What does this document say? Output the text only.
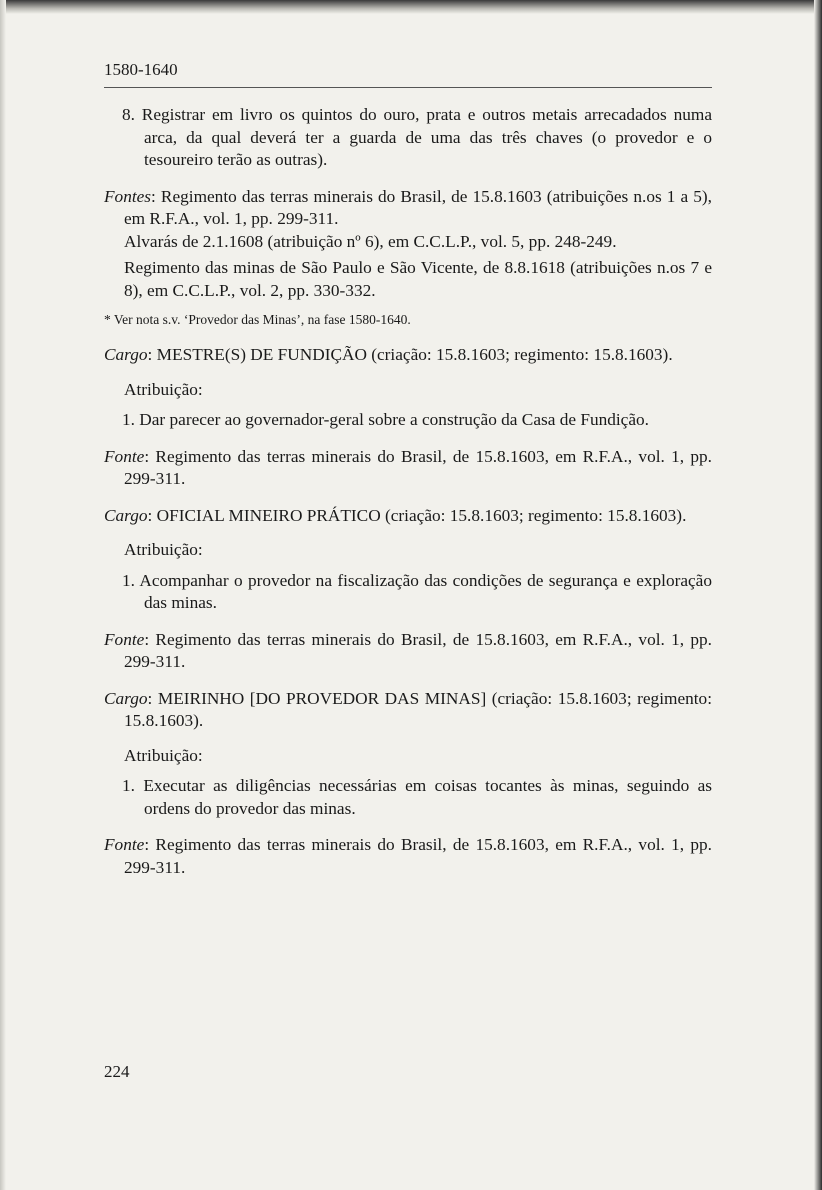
1580-1640

8. Registrar em livro os quintos do ouro, prata e outros metais arrecadados numa arca, da qual deverá ter a guarda de uma das três chaves (o provedor e o tesoureiro terão as outras).

Fontes: Regimento das terras minerais do Brasil, de 15.8.1603 (atribuições n.os 1 a 5), em R.F.A., vol. 1, pp. 299-311.

Alvarás de 2.1.1608 (atribuição nº 6), em C.C.L.P., vol. 5, pp. 248-249.

Regimento das minas de São Paulo e São Vicente, de 8.8.1618 (atribuições n.os 7 e 8), em C.C.L.P., vol. 2, pp. 330-332.

* Ver nota s.v. ‘Provedor das Minas’, na fase 1580-1640.

Cargo: MESTRE(S) DE FUNDIÇÃO (criação: 15.8.1603; regimento: 15.8.1603).

Atribuição:

1. Dar parecer ao governador-geral sobre a construção da Casa de Fundição.

Fonte: Regimento das terras minerais do Brasil, de 15.8.1603, em R.F.A., vol. 1, pp. 299-311.

Cargo: OFICIAL MINEIRO PRÁTICO (criação: 15.8.1603; regimento: 15.8.1603).

Atribuição:

1. Acompanhar o provedor na fiscalização das condições de segurança e exploração das minas.

Fonte: Regimento das terras minerais do Brasil, de 15.8.1603, em R.F.A., vol. 1, pp. 299-311.

Cargo: MEIRINHO [DO PROVEDOR DAS MINAS] (criação: 15.8.1603; regimento: 15.8.1603).

Atribuição:

1. Executar as diligências necessárias em coisas tocantes às minas, seguindo as ordens do provedor das minas.

Fonte: Regimento das terras minerais do Brasil, de 15.8.1603, em R.F.A., vol. 1, pp. 299-311.

224
